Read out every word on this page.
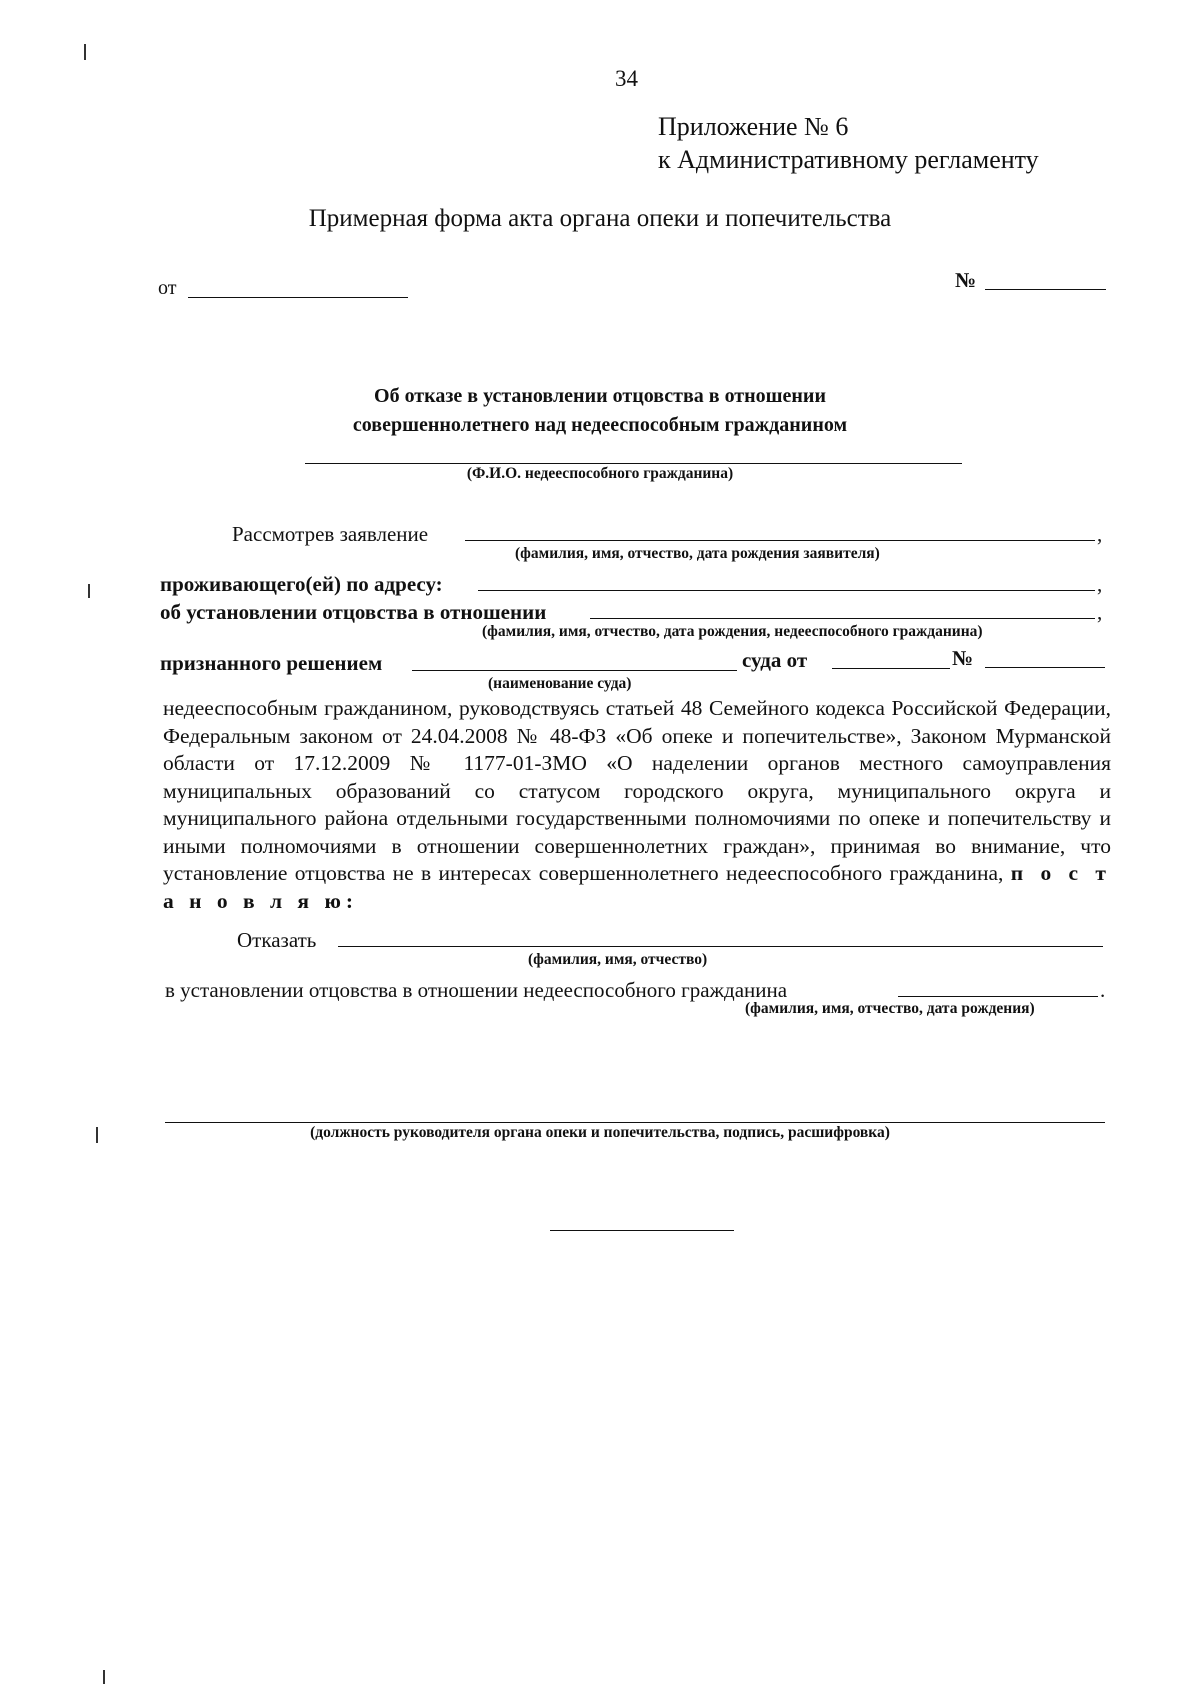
34
Приложение № 6
к Административному регламенту
Примерная форма акта органа опеки и попечительства
от	№
Об отказе в установлении отцовства в отношении
совершеннолетнего над недееспособным гражданином
(Ф.И.О. недееспособного гражданина)
Рассмотрев заявление	,
(фамилия, имя, отчество, дата рождения заявителя)
проживающего(ей) по адресу:	,
об установлении отцовства в отношении	,
(фамилия, имя, отчество, дата рождения, недееспособного гражданина)
признанного решением	суда от	№
(наименование суда)
недееспособным гражданином, руководствуясь статьей 48 Семейного кодекса Российской Федерации, Федеральным законом от 24.04.2008 № 48-ФЗ «Об опеке и попечительстве», Законом Мурманской области от 17.12.2009 № 1177-01-ЗМО «О наделении органов местного самоуправления муниципальных образований со статусом городского округа, муниципального округа и муниципального района отдельными государственными полномочиями по опеке и попечительству и иными полномочиями в отношении совершеннолетних граждан», принимая во внимание, что установление отцовства не в интересах совершеннолетнего недееспособного гражданина, п о с т а н о в л я ю:
Отказать
(фамилия, имя, отчество)
в установлении отцовства в отношении недееспособного гражданина	.
(фамилия, имя, отчество, дата рождения)
(должность руководителя органа опеки и попечительства, подпись, расшифровка)
